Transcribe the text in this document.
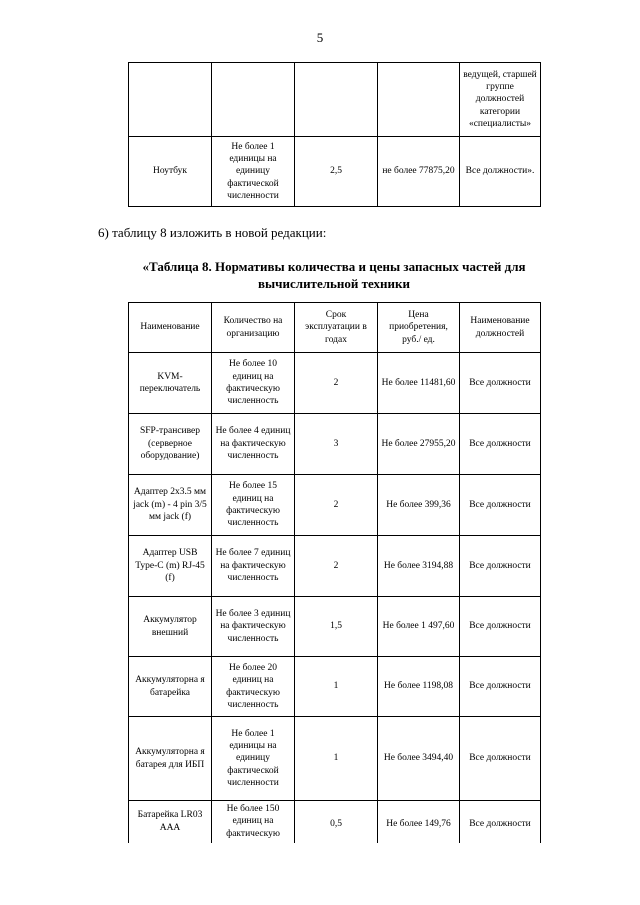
5
				ведущей, старшей группе должностей категории «специалисты»
Ноутбук	Не более 1 единицы на единицу фактической численности	2,5	не более 77875,20	Все должности».
6) таблицу 8 изложить в новой редакции:
«Таблица 8. Нормативы количества и цены запасных частей для вычислительной техники
Наименование	Количество на организацию	Срок эксплуатации в годах	Цена приобретения, руб./ ед.	Наименование должностей
KVM-переключатель	Не более 10 единиц на фактическую численность	2	Не более 11481,60	Все должности
SFP-трансивер (серверное оборудование)	Не более 4 единиц на фактическую численность	3	Не более 27955,20	Все должности
Адаптер 2х3.5 мм jack (m) - 4 pin 3/5 мм jack (f)	Не более 15 единиц на фактическую численность	2	Не более 399,36	Все должности
Адаптер USB Type-C (m) RJ-45 (f)	Не более 7 единиц на фактическую численность	2	Не более 3194,88	Все должности
Аккумулятор внешний	Не более 3 единиц на фактическую численность	1,5	Не более 1 497,60	Все должности
Аккумуляторна я батарейка	Не более 20 единиц на фактическую численность	1	Не более 1198,08	Все должности
Аккумуляторна я батарея для ИБП	Не более 1 единицы на единицу фактической численности	1	Не более 3494,40	Все должности
Батарейка LR03 ААА	Не более 150 единиц на фактическую	0,5	Не более 149,76	Все должности
